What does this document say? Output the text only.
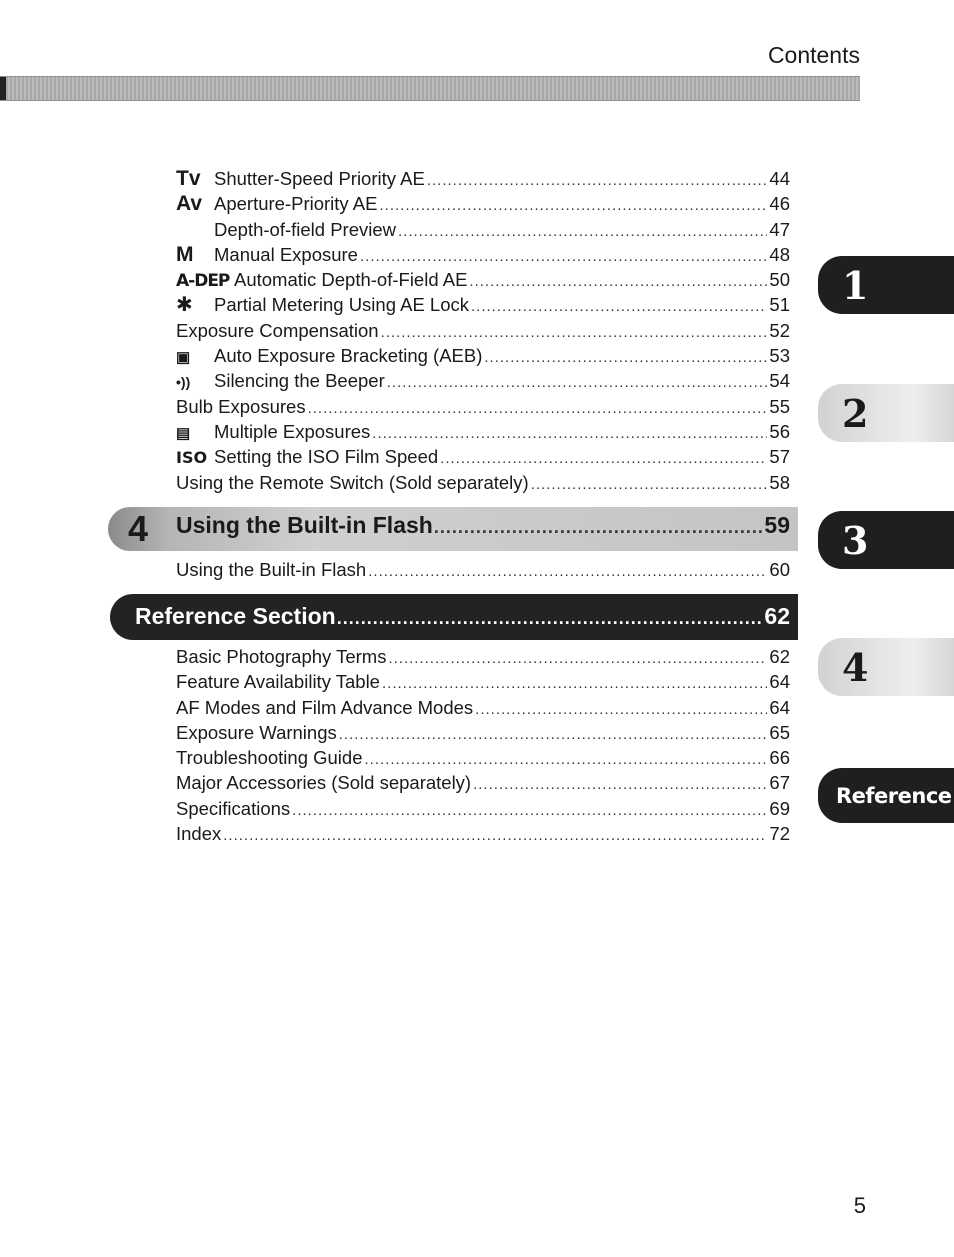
Contents
Tv Shutter-Speed Priority AE .....	44
Av Aperture-Priority AE .....	46
Depth-of-field Preview .....	47
M	Manual Exposure .....	48
A-DEP Automatic Depth-of-Field AE .....	50
✱	Partial Metering Using AE Lock .....	51
Exposure Compensation .....	52
▣	Auto Exposure Bracketing (AEB) .....	53
•))	Silencing the Beeper .....	54
Bulb Exposures .....	55
▤	Multiple Exposures .....	56
ISO Setting the ISO Film Speed .....	57
Using the Remote Switch (Sold separately) .....	58
4	Using the Built-in Flash .....	59
Using the Built-in Flash .....	60
Reference Section .....	62
Basic Photography Terms .....	62
Feature Availability Table .....	64
AF Modes and Film Advance Modes .....	64
Exposure Warnings .....	65
Troubleshooting Guide .....	66
Major Accessories (Sold separately) .....	67
Specifications .....	69
Index .....	72
1
2
3
4
Reference
5
